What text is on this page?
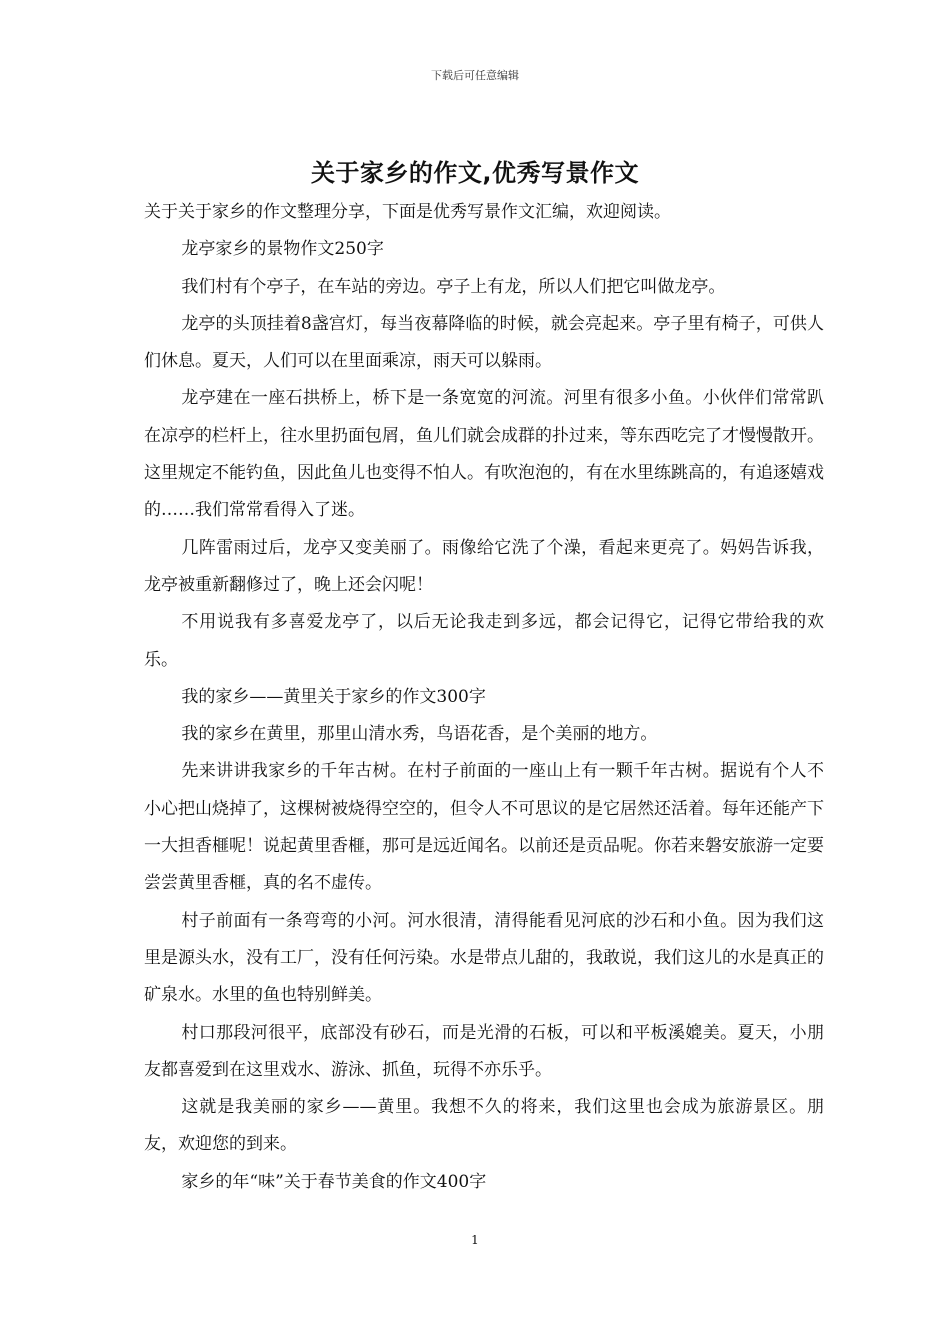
下载后可任意编辑
关于家乡的作文,优秀写景作文

关于关于家乡的作文整理分享，下面是优秀写景作文汇编，欢迎阅读。

龙亭家乡的景物作文250字

我们村有个亭子，在车站的旁边。亭子上有龙，所以人们把它叫做龙亭。

龙亭的头顶挂着8盏宫灯，每当夜幕降临的时候，就会亮起来。亭子里有椅子，可供人们休息。夏天，人们可以在里面乘凉，雨天可以躲雨。

龙亭建在一座石拱桥上，桥下是一条宽宽的河流。河里有很多小鱼。小伙伴们常常趴在凉亭的栏杆上，往水里扔面包屑，鱼儿们就会成群的扑过来，等东西吃完了才慢慢散开。这里规定不能钓鱼，因此鱼儿也变得不怕人。有吹泡泡的，有在水里练跳高的，有追逐嬉戏的……我们常常看得入了迷。

几阵雷雨过后，龙亭又变美丽了。雨像给它洗了个澡，看起来更亮了。妈妈告诉我，龙亭被重新翻修过了，晚上还会闪呢！

不用说我有多喜爱龙亭了，以后无论我走到多远，都会记得它，记得它带给我的欢乐。

我的家乡——黄里关于家乡的作文300字

我的家乡在黄里，那里山清水秀，鸟语花香，是个美丽的地方。

先来讲讲我家乡的千年古树。在村子前面的一座山上有一颗千年古树。据说有个人不小心把山烧掉了，这棵树被烧得空空的，但令人不可思议的是它居然还活着。每年还能产下一大担香榧呢！说起黄里香榧，那可是远近闻名。以前还是贡品呢。你若来磐安旅游一定要尝尝黄里香榧，真的名不虚传。

村子前面有一条弯弯的小河。河水很清，清得能看见河底的沙石和小鱼。因为我们这里是源头水，没有工厂，没有任何污染。水是带点儿甜的，我敢说，我们这儿的水是真正的矿泉水。水里的鱼也特别鲜美。

村口那段河很平，底部没有砂石，而是光滑的石板，可以和平板溪媲美。夏天，小朋友都喜爱到在这里戏水、游泳、抓鱼，玩得不亦乐乎。

这就是我美丽的家乡——黄里。我想不久的将来，我们这里也会成为旅游景区。朋友，欢迎您的到来。

家乡的年“味”关于春节美食的作文400字

1
